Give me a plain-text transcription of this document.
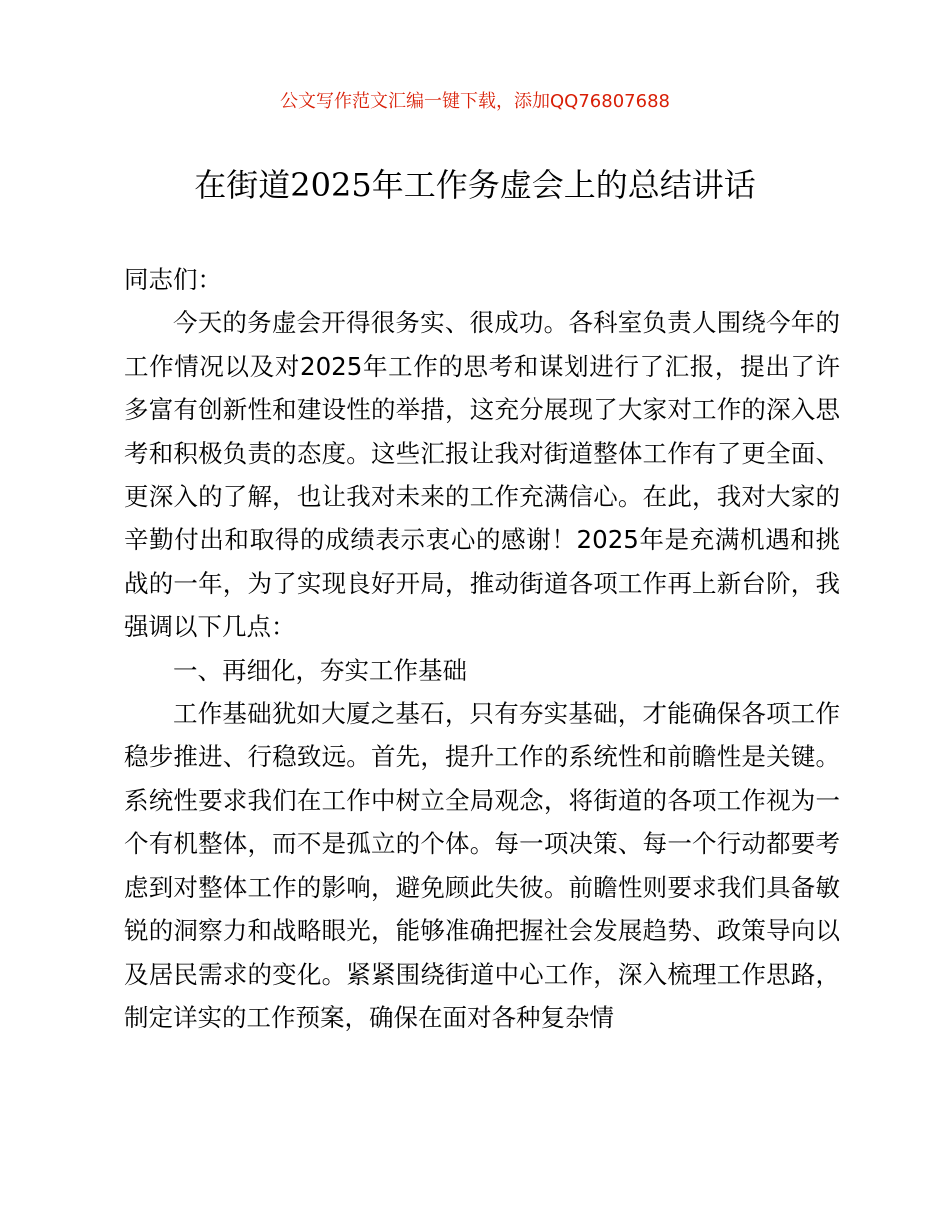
公文写作范文汇编一键下载，添加QQ76807688
在街道2025年工作务虚会上的总结讲话

同志们：

今天的务虚会开得很务实、很成功。各科室负责人围绕今年的工作情况以及对2025年工作的思考和谋划进行了汇报，提出了许多富有创新性和建设性的举措，这充分展现了大家对工作的深入思考和积极负责的态度。这些汇报让我对街道整体工作有了更全面、更深入的了解，也让我对未来的工作充满信心。在此，我对大家的辛勤付出和取得的成绩表示衷心的感谢！2025年是充满机遇和挑战的一年，为了实现良好开局，推动街道各项工作再上新台阶，我强调以下几点：

一、再细化，夯实工作基础

工作基础犹如大厦之基石，只有夯实基础，才能确保各项工作稳步推进、行稳致远。首先，提升工作的系统性和前瞻性是关键。系统性要求我们在工作中树立全局观念，将街道的各项工作视为一个有机整体，而不是孤立的个体。每一项决策、每一个行动都要考虑到对整体工作的影响，避免顾此失彼。前瞻性则要求我们具备敏锐的洞察力和战略眼光，能够准确把握社会发展趋势、政策导向以及居民需求的变化。紧紧围绕街道中心工作，深入梳理工作思路，制定详实的工作预案，确保在面对各种复杂情
